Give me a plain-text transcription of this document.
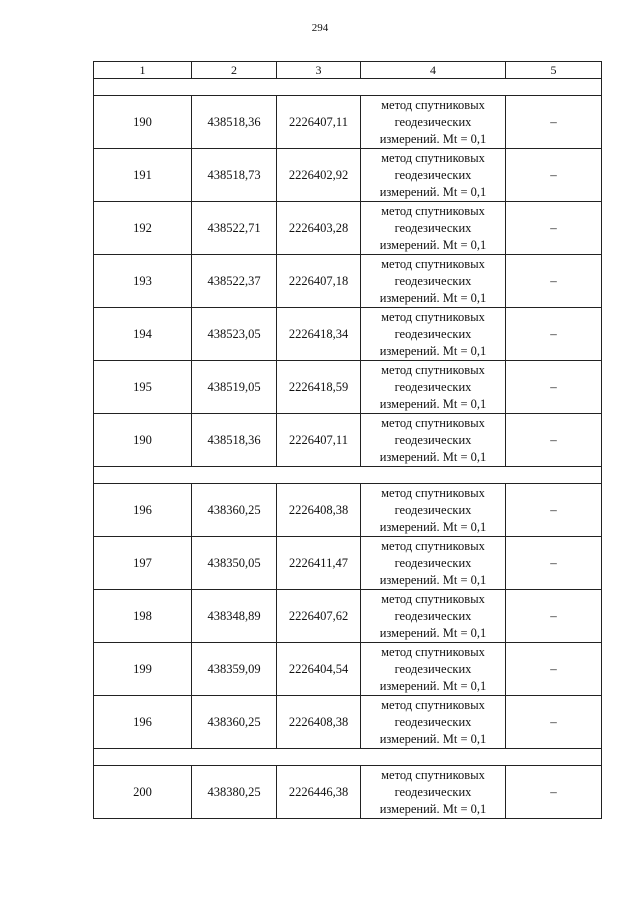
294
1	2	3	4	5

190	438518,36	2226407,11	метод спутниковых
геодезических
измерений. Mt = 0,1	–
191	438518,73	2226402,92	метод спутниковых
геодезических
измерений. Mt = 0,1	–
192	438522,71	2226403,28	метод спутниковых
геодезических
измерений. Mt = 0,1	–
193	438522,37	2226407,18	метод спутниковых
геодезических
измерений. Mt = 0,1	–
194	438523,05	2226418,34	метод спутниковых
геодезических
измерений. Mt = 0,1	–
195	438519,05	2226418,59	метод спутниковых
геодезических
измерений. Mt = 0,1	–
190	438518,36	2226407,11	метод спутниковых
геодезических
измерений. Mt = 0,1	–

196	438360,25	2226408,38	метод спутниковых
геодезических
измерений. Mt = 0,1	–
197	438350,05	2226411,47	метод спутниковых
геодезических
измерений. Mt = 0,1	–
198	438348,89	2226407,62	метод спутниковых
геодезических
измерений. Mt = 0,1	–
199	438359,09	2226404,54	метод спутниковых
геодезических
измерений. Mt = 0,1	–
196	438360,25	2226408,38	метод спутниковых
геодезических
измерений. Mt = 0,1	–

200	438380,25	2226446,38	метод спутниковых
геодезических
измерений. Mt = 0,1	–
